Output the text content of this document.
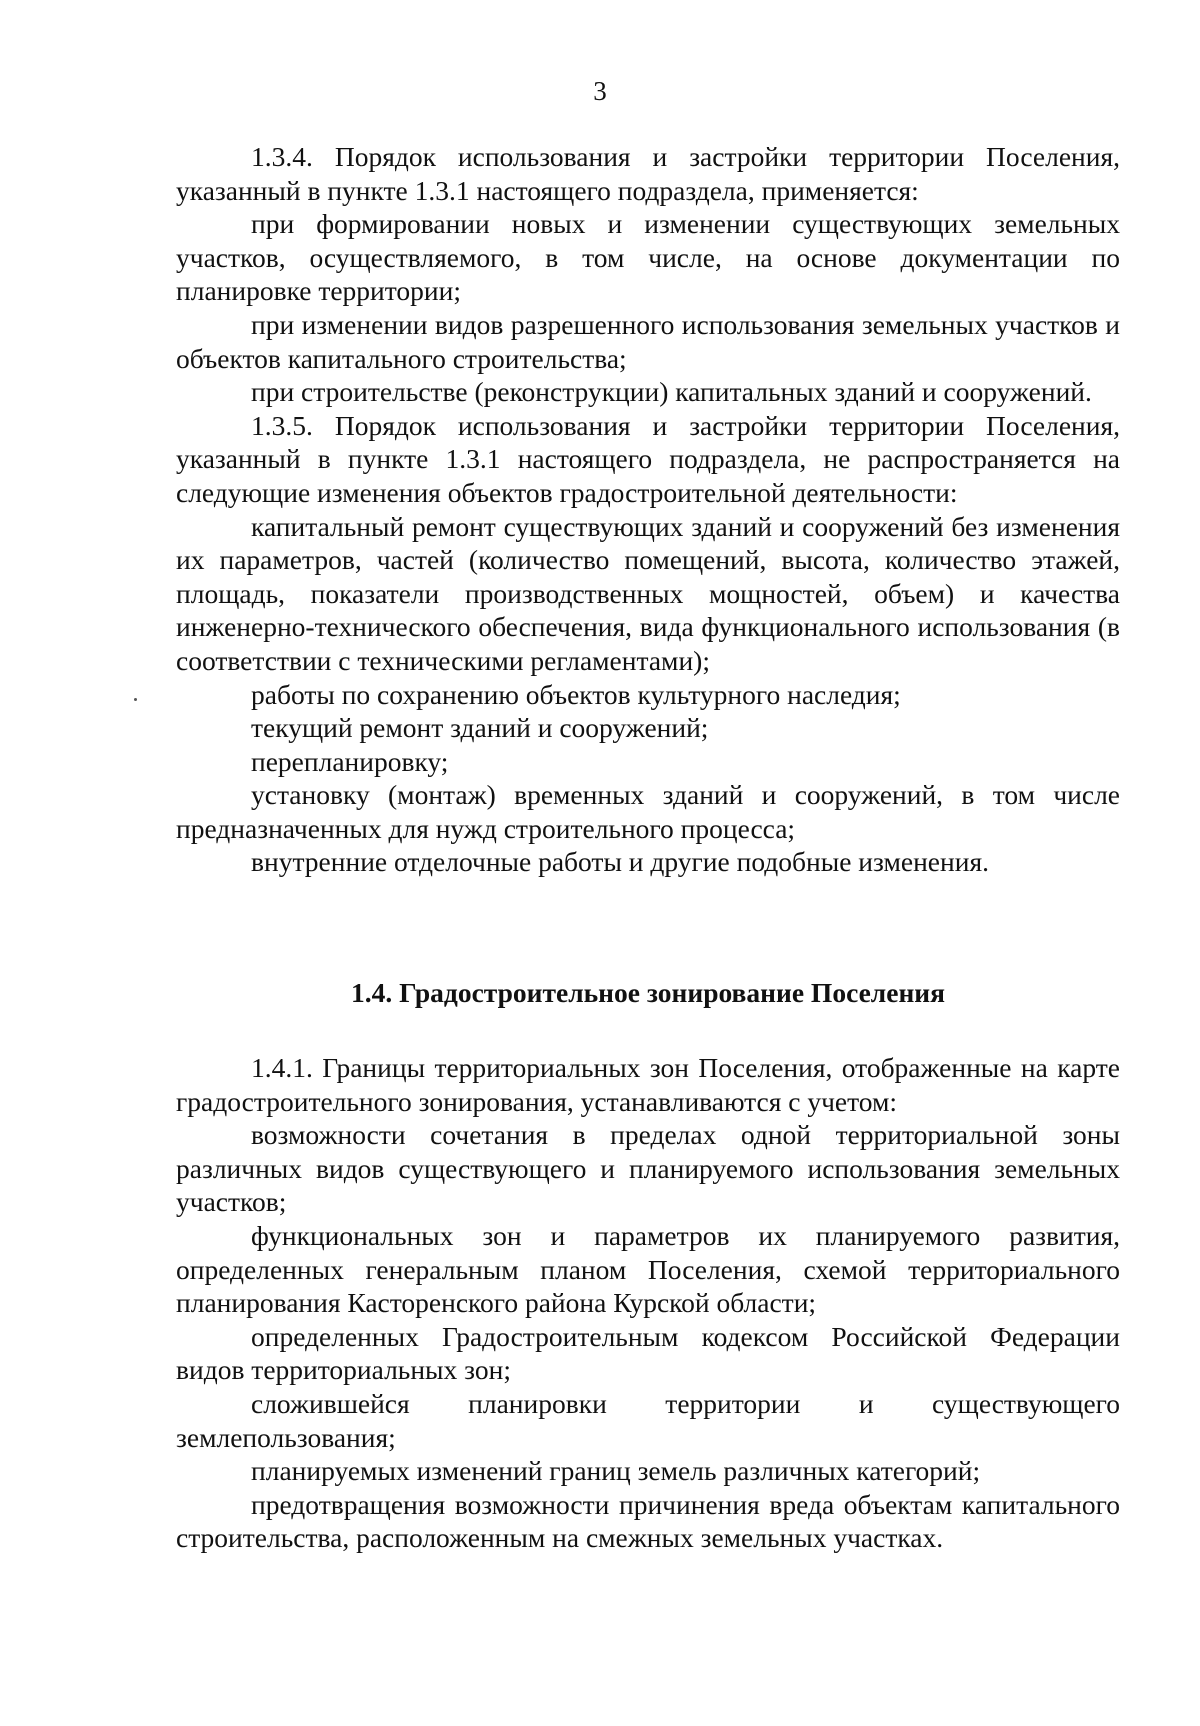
3

1.3.4. Порядок использования и застройки территории Поселения, указанный в пункте 1.3.1 настоящего подраздела, применяется:

при формировании новых и изменении существующих земельных участков, осуществляемого, в том числе, на основе документации по планировке территории;

при изменении видов разрешенного использования земельных участков и объектов капитального строительства;

при строительстве (реконструкции) капитальных зданий и сооружений.

1.3.5. Порядок использования и застройки территории Поселения, указанный в пункте 1.3.1 настоящего подраздела, не распространяется на следующие изменения объектов градостроительной деятельности:

капитальный ремонт существующих зданий и сооружений без изменения их параметров, частей (количество помещений, высота, количество этажей, площадь, показатели производственных мощностей, объем) и качества инженерно-технического обеспечения, вида функционального использования (в соответствии с техническими регламентами);

работы по сохранению объектов культурного наследия;

текущий ремонт зданий и сооружений;

перепланировку;

установку (монтаж) временных зданий и сооружений, в том числе предназначенных для нужд строительного процесса;

внутренние отделочные работы и другие подобные изменения.

1.4. Градостроительное зонирование Поселения

1.4.1. Границы территориальных зон Поселения, отображенные на карте градостроительного зонирования, устанавливаются с учетом:

возможности сочетания в пределах одной территориальной зоны различных видов существующего и планируемого использования земельных участков;

функциональных зон и параметров их планируемого развития, определенных генеральным планом Поселения, схемой территориального планирования Касторенского района Курской области;

определенных Градостроительным кодексом Российской Федерации видов территориальных зон;

сложившейся планировки территории и существующего землепользования;

планируемых изменений границ земель различных категорий;

предотвращения возможности причинения вреда объектам капитального строительства, расположенным на смежных земельных участках.
